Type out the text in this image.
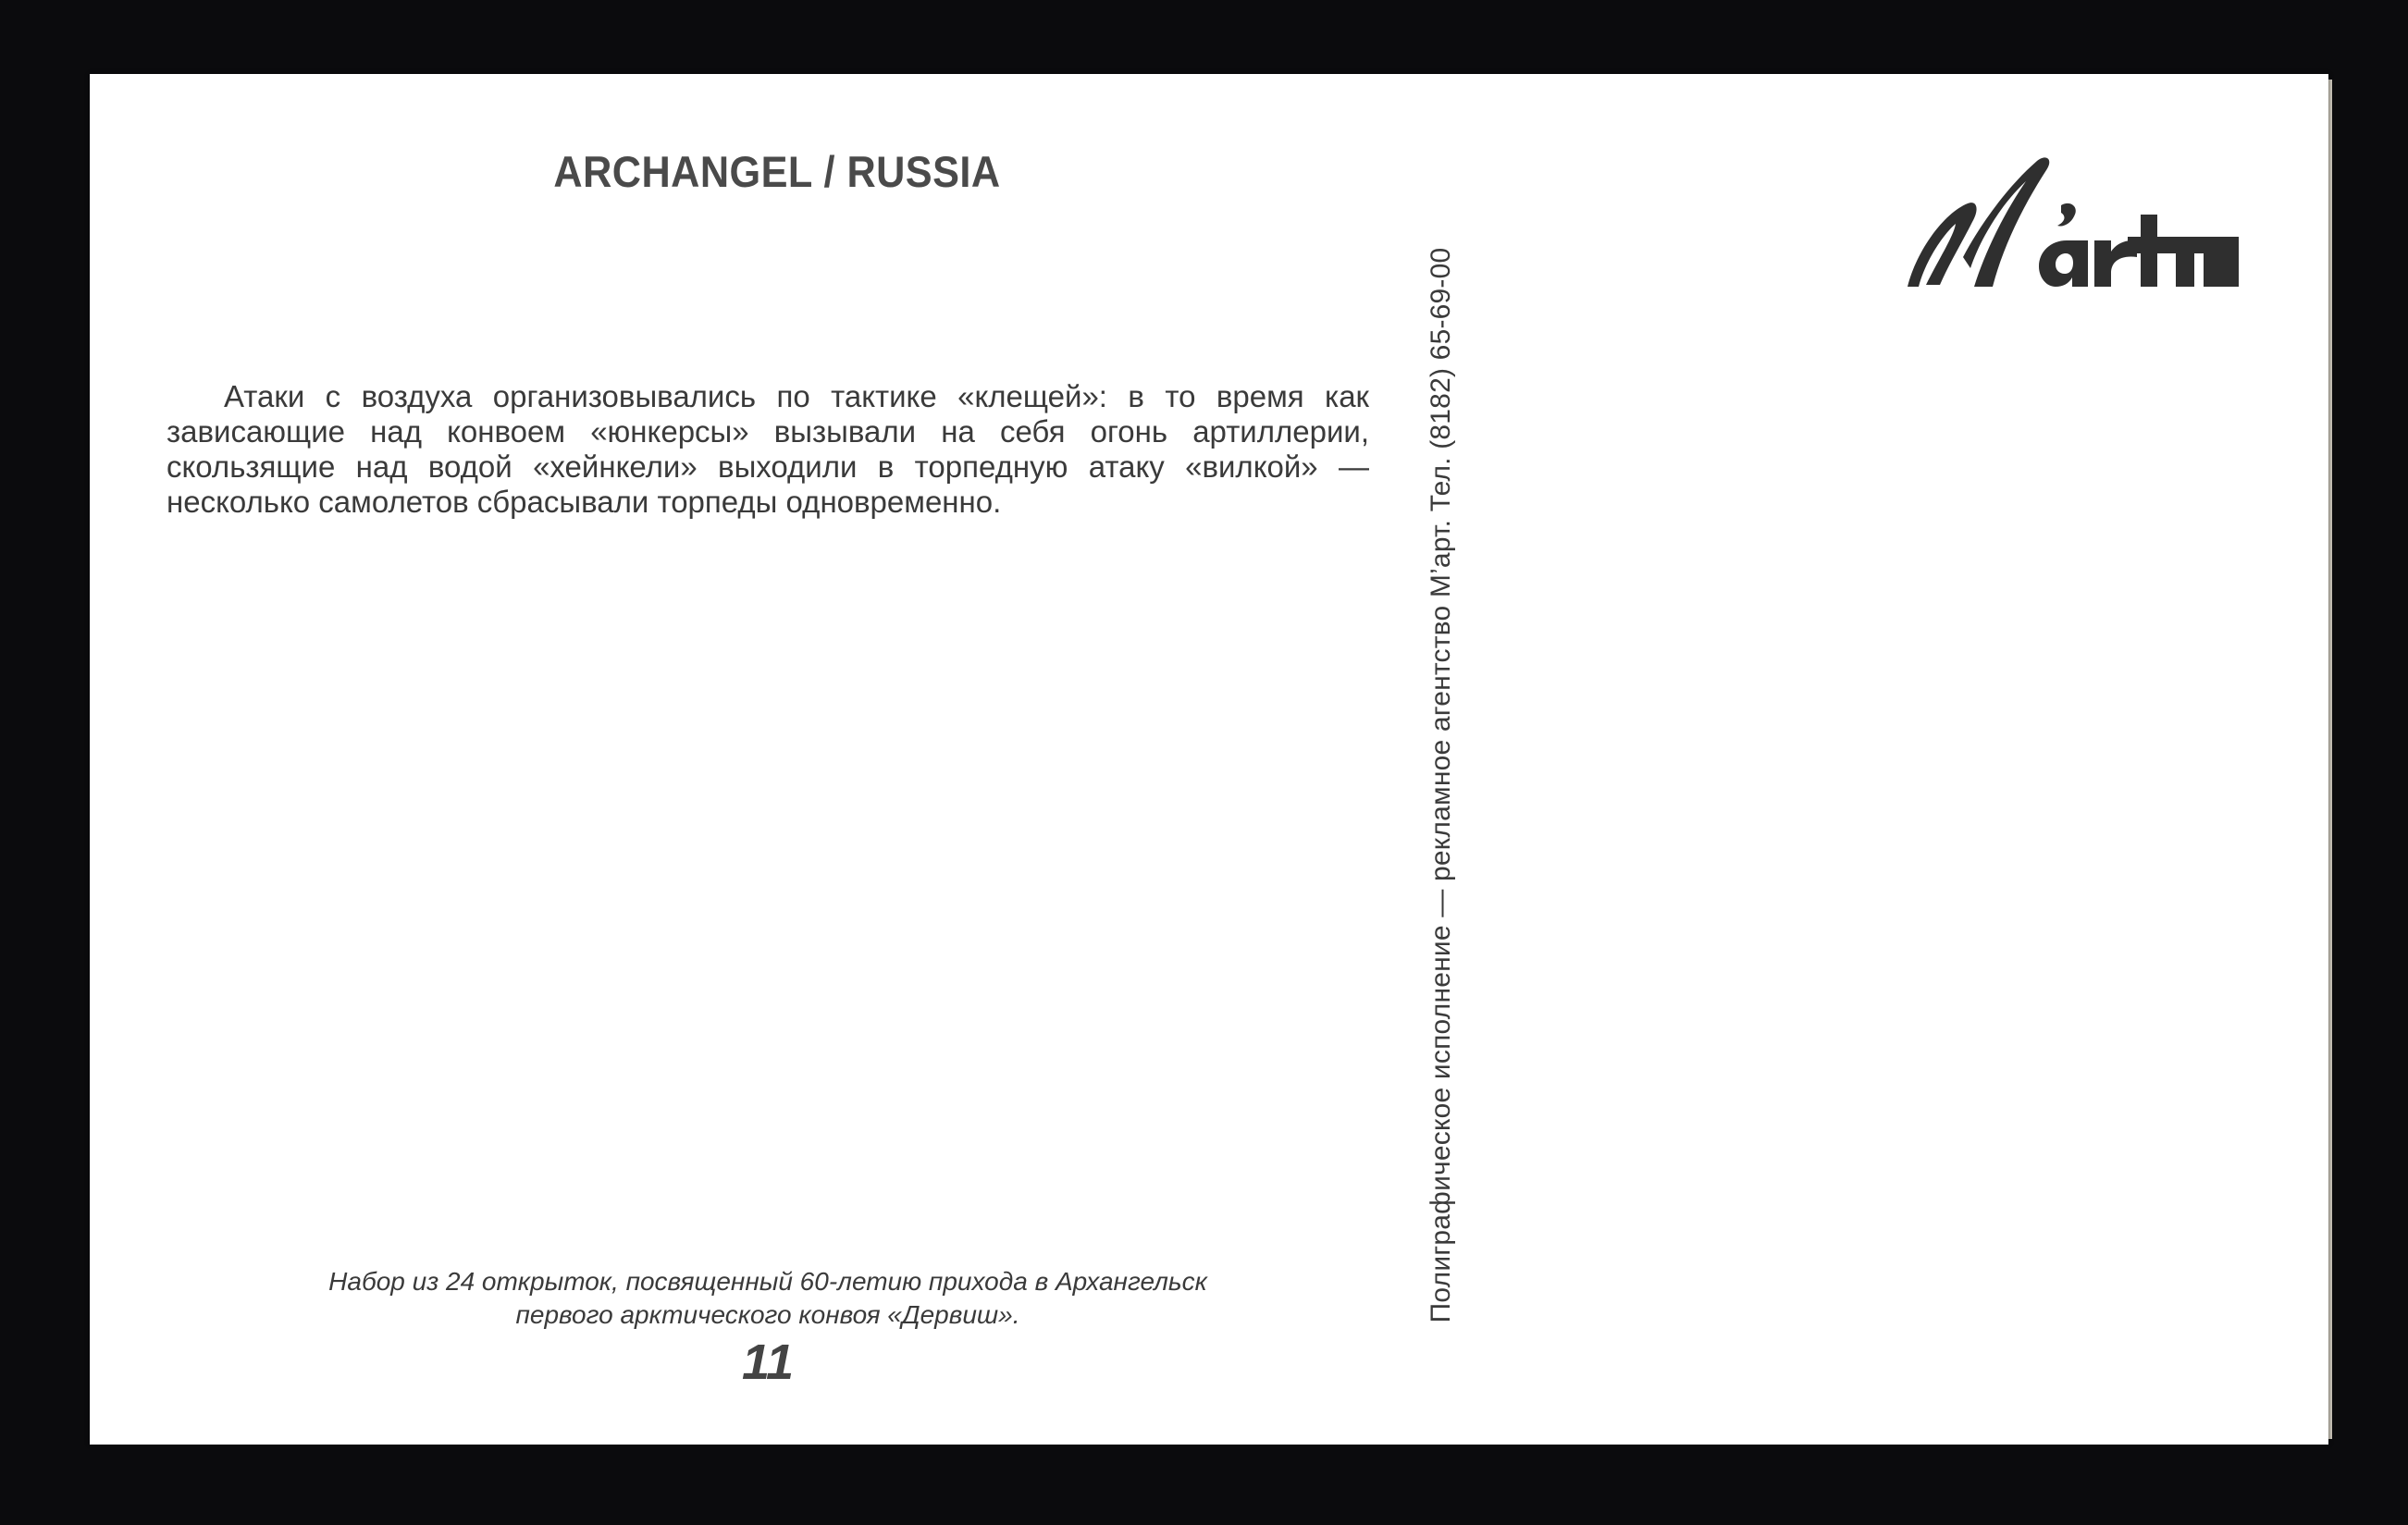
ARCHANGEL / RUSSIA

Атаки с воздуха организовывались по тактике «клещей»: в то время как зависающие над конвоем «юнкерсы» вызывали на себя огонь артиллерии, скользящие над водой «хейнкели» выходили в торпедную атаку «вилкой» — несколько самолетов сбрасывали торпеды одновременно.

Набор из 24 открыток, посвященный 60-летию прихода в Архангельск
первого арктического конвоя «Дервиш».
11
Полиграфическое исполнение — рекламное агентство М’арт. Тел. (8182) 65-69-00
